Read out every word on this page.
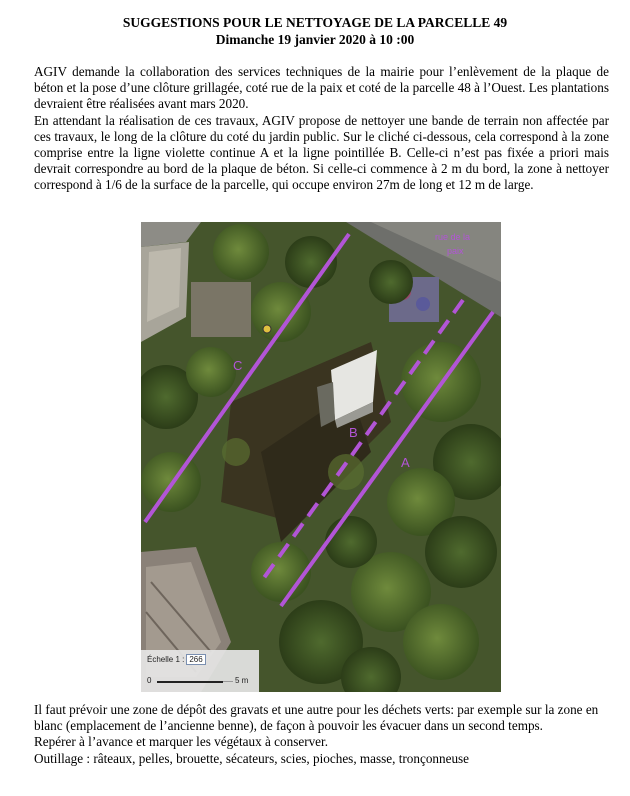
SUGGESTIONS POUR LE NETTOYAGE DE LA PARCELLE 49
Dimanche 19 janvier 2020 à 10 :00

AGIV demande la collaboration des services techniques de la mairie pour l’enlèvement de la plaque de béton et la pose d’une clôture grillagée, coté rue de la paix et coté de la parcelle 48 à l’Ouest. Les plantations devraient être réalisées avant mars 2020.

En attendant la réalisation de ces travaux, AGIV propose de nettoyer une bande de terrain non affectée par ces travaux, le long de la clôture du coté du jardin public. Sur le cliché ci-dessous, cela correspond à la zone comprise entre la ligne violette continue A et la ligne pointillée B. Celle-ci n’est pas fixée a priori mais devrait correspondre au bord de la plaque de béton. Si celle-ci commence à 2 m du bord, la zone à nettoyer correspond à 1/6 de la surface de la parcelle, qui occupe environ 27m de long et 12 m de large.

rue de la
paix
C
B
A
Échelle 1 : 266
0	5 m

Il faut prévoir une zone de dépôt des gravats et une autre pour les déchets verts: par exemple sur la zone en blanc (emplacement de l’ancienne benne), de façon à pouvoir les évacuer dans un second temps.

Repérer à l’avance et marquer les végétaux à conserver.

Outillage : râteaux, pelles, brouette, sécateurs, scies, pioches, masse, tronçonneuse
